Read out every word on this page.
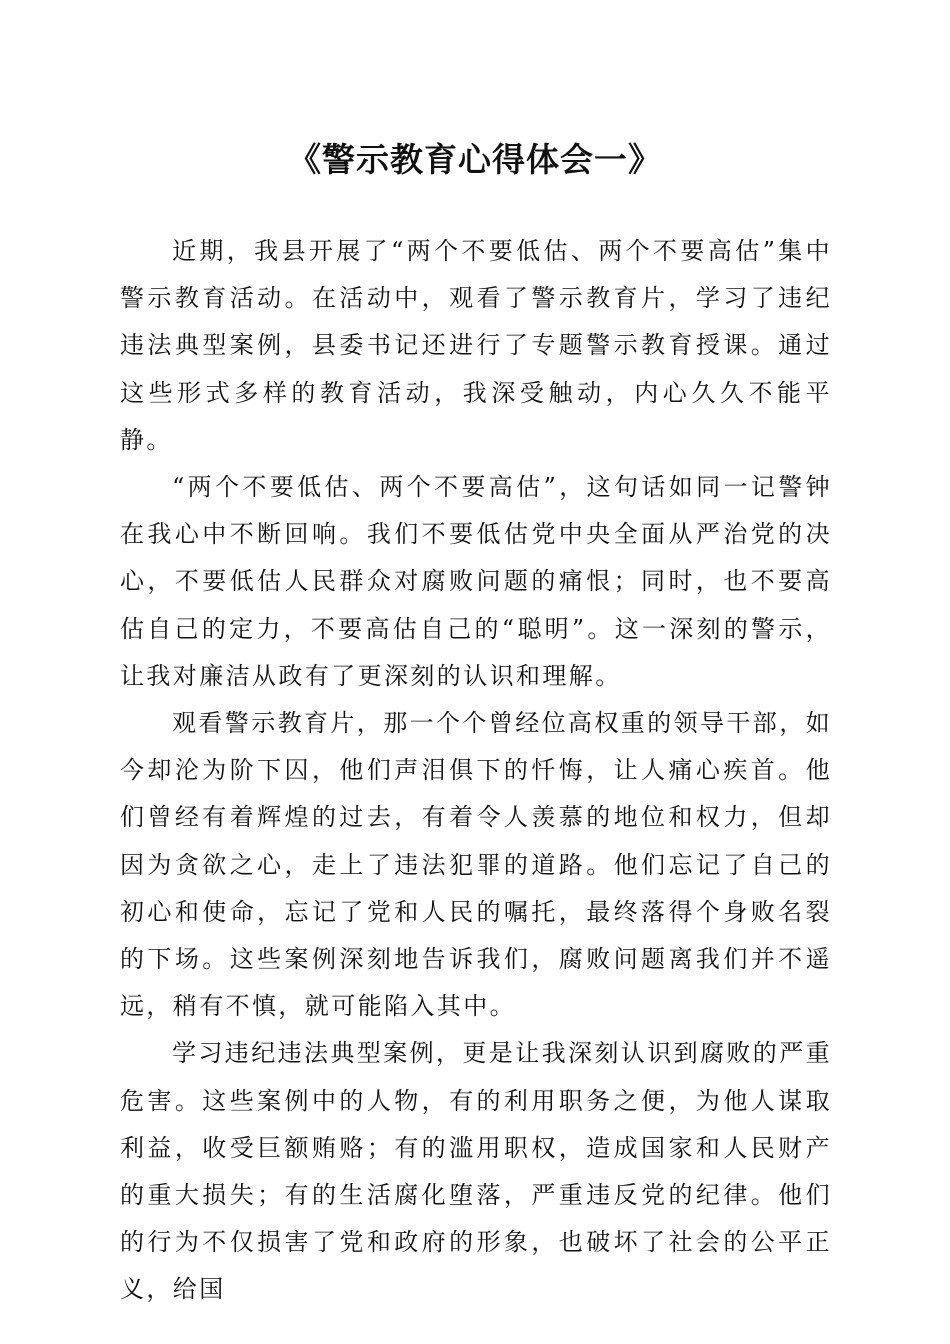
《警示教育心得体会一》

近期，我县开展了“两个不要低估、两个不要高估”集中警示教育活动。在活动中，观看了警示教育片，学习了违纪违法典型案例，县委书记还进行了专题警示教育授课。通过这些形式多样的教育活动，我深受触动，内心久久不能平静。

“两个不要低估、两个不要高估”，这句话如同一记警钟在我心中不断回响。我们不要低估党中央全面从严治党的决心，不要低估人民群众对腐败问题的痛恨；同时，也不要高估自己的定力，不要高估自己的“聪明”。这一深刻的警示，让我对廉洁从政有了更深刻的认识和理解。

观看警示教育片，那一个个曾经位高权重的领导干部，如今却沦为阶下囚，他们声泪俱下的忏悔，让人痛心疾首。他们曾经有着辉煌的过去，有着令人羡慕的地位和权力，但却因为贪欲之心，走上了违法犯罪的道路。他们忘记了自己的初心和使命，忘记了党和人民的嘱托，最终落得个身败名裂的下场。这些案例深刻地告诉我们，腐败问题离我们并不遥远，稍有不慎，就可能陷入其中。

学习违纪违法典型案例，更是让我深刻认识到腐败的严重危害。这些案例中的人物，有的利用职务之便，为他人谋取利益，收受巨额贿赂；有的滥用职权，造成国家和人民财产的重大损失；有的生活腐化堕落，严重违反党的纪律。他们的行为不仅损害了党和政府的形象，也破坏了社会的公平正义，给国
